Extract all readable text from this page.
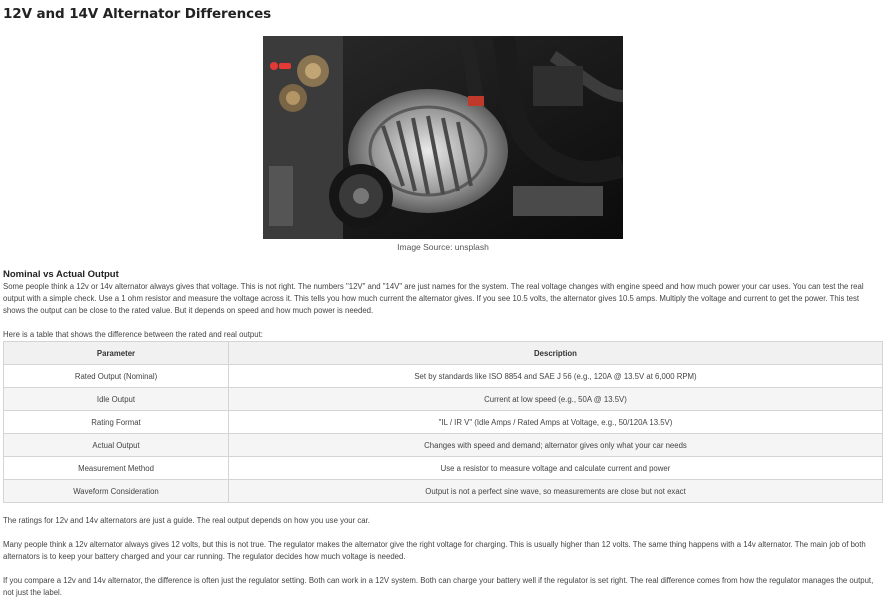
12V and 14V Alternator Differences
Image Source: unsplash
Nominal vs Actual Output

Some people think a 12v or 14v alternator always gives that voltage. This is not right. The numbers "12V" and "14V" are just names for the system. The real voltage changes with engine speed and how much power your car uses. You can test the real output with a simple check. Use a 1 ohm resistor and measure the voltage across it. This tells you how much current the alternator gives. If you see 10.5 volts, the alternator gives 10.5 amps. Multiply the voltage and current to get the power. This test shows the output can be close to the rated value. But it depends on speed and how much power is needed.

Here is a table that shows the difference between the rated and real output:

Parameter	Description
Rated Output (Nominal)	Set by standards like ISO 8854 and SAE J 56 (e.g., 120A @ 13.5V at 6,000 RPM)
Idle Output	Current at low speed (e.g., 50A @ 13.5V)
Rating Format	"IL / IR V" (Idle Amps / Rated Amps at Voltage, e.g., 50/120A 13.5V)
Actual Output	Changes with speed and demand; alternator gives only what your car needs
Measurement Method	Use a resistor to measure voltage and calculate current and power
Waveform Consideration	Output is not a perfect sine wave, so measurements are close but not exact

The ratings for 12v and 14v alternators are just a guide. The real output depends on how you use your car.

Many people think a 12v alternator always gives 12 volts, but this is not true. The regulator makes the alternator give the right voltage for charging. This is usually higher than 12 volts. The same thing happens with a 14v alternator. The main job of both alternators is to keep your battery charged and your car running. The regulator decides how much voltage is needed.

If you compare a 12v and 14v alternator, the difference is often just the regulator setting. Both can work in a 12V system. Both can charge your battery well if the regulator is set right. The real difference comes from how the regulator manages the output, not just the label.
